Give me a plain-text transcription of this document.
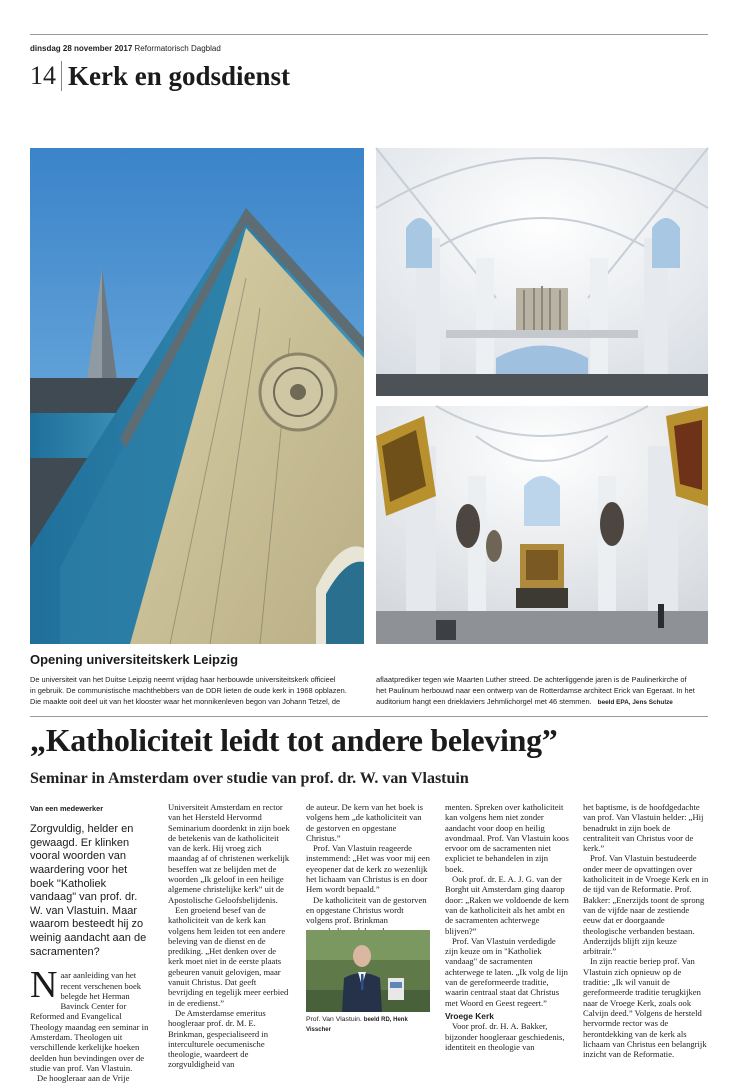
dinsdag 28 november 2017 Reformatorisch Dagblad
14 Kerk en godsdienst
Opening universiteitskerk Leipzig
De universiteit van het Duitse Leipzig neemt vrijdag haar herbouwde universiteitskerk officieel
in gebruik. De communistische machthebbers van de DDR lieten de oude kerk in 1968 opblazen.
Die maakte ooit deel uit van het klooster waar het monnikenleven begon van Johann Tetzel, de
aflaatprediker tegen wie Maarten Luther streed. De achterliggende jaren is de Paulinerkirche of
het Paulinum herbouwd naar een ontwerp van de Rotterdamse architect Erick van Egeraat. In het
auditorium hangt een drieklaviers Jehmlichorgel met 46 stemmen. beeld EPA, Jens Schulze
„Katholiciteit leidt tot andere beleving”
Seminar in Amsterdam over studie van prof. dr. W. van Vlastuin
Van een medewerker
Zorgvuldig, helder en gewaagd. Er klinken vooral woorden van waardering voor het boek "Katholiek vandaag" van prof. dr. W. van Vlastuin. Maar waarom besteedt hij zo weinig aandacht aan de sacramenten?
Naar aanleiding van het recent verschenen boek belegde het Herman Bavinck Center for Reformed and Evangelical Theology maandag een seminar in Amsterdam. Theologen uit verschillende kerkelijke hoeken deelden hun bevindingen over de studie van prof. Van Vlastuin.

De hoogleraar aan de Vrije

Universiteit Amsterdam en rector van het Hersteld Hervormd Seminarium doordenkt in zijn boek de betekenis van de katholiciteit van de kerk. Hij vroeg zich maandag af of christenen werkelijk beseffen wat ze belijden met de woorden „Ik geloof in een heilige algemene christelijke kerk” uit de Apostolische Geloofsbelijdenis.

Een groeiend besef van de katholiciteit van de kerk kan volgens hem leiden tot een andere beleving van de dienst en de prediking. „Het denken over de kerk moet niet in de eerste plaats gebeuren vanuit gelovigen, maar vanuit Christus. Dat geeft bevrijding en tegelijk meer eerbied in de eredienst.”

De Amsterdamse emeritus hoogleraar prof. dr. M. E. Brinkman, gespecialiseerd in interculturele oecumenische theologie, waardeert de zorgvuldigheid van

de auteur. De kern van het boek is volgens hem „de katholiciteit van de gestorven en opgestane Christus.”

Prof. Van Vlastuin reageerde instemmend: „Het was voor mij een eyeopener dat de kerk zo wezenlijk het lichaam van Christus is en door Hem wordt bepaald.”

De katholiciteit van de gestorven en opgestane Christus wordt volgens prof. Brinkman

Prof. Van Vlastuin. beeld RD, Henk Visscher

menten. Spreken over katholiciteit kan volgens hem niet zonder aandacht voor doop en heilig avondmaal. Prof. Van Vlastuin koos ervoor om de sacramenten niet expliciet te behandelen in zijn boek.

Ook prof. dr. E. A. J. G. van der Borght uit Amsterdam ging daarop door: „Raken we voldoende de kern van de katholiciteit als het ambt en de sacramenten achterwege blijven?”

Prof. Van Vlastuin verdedigde zijn keuze om in "Katholiek vandaag" de sacramenten achterwege te laten. „Ik volg de lijn van de gereformeerde traditie, waarin centraal staat dat Christus met Woord en Geest regeert.”

Vroege Kerk

Voor prof. dr. H. A. Bakker, bijzonder hoogleraar geschiedenis, identiteit en theologie van

het baptisme, is de hoofdgedachte van prof. Van Vlastuin helder: „Hij benadrukt in zijn boek de centraliteit van Christus voor de kerk.”

Prof. Van Vlastuin bestudeerde onder meer de opvattingen over katholiciteit in de Vroege Kerk en in de tijd van de Reformatie. Prof. Bakker: „Enerzijds toont de sprong van de vijfde naar de zestiende eeuw dat er doorgaande theologische verbanden bestaan. Anderzijds blijft zijn keuze arbitrair.”

In zijn reactie beriep prof. Van Vlastuin zich opnieuw op de traditie: „Ik wil vanuit de gereformeerde traditie terugkijken naar de Vroege Kerk, zoals ook Calvijn deed.” Volgens de hersteld hervormde rector was de herontdekking van de kerk als lichaam van Christus een belangrijk inzicht van de Reformatie.
